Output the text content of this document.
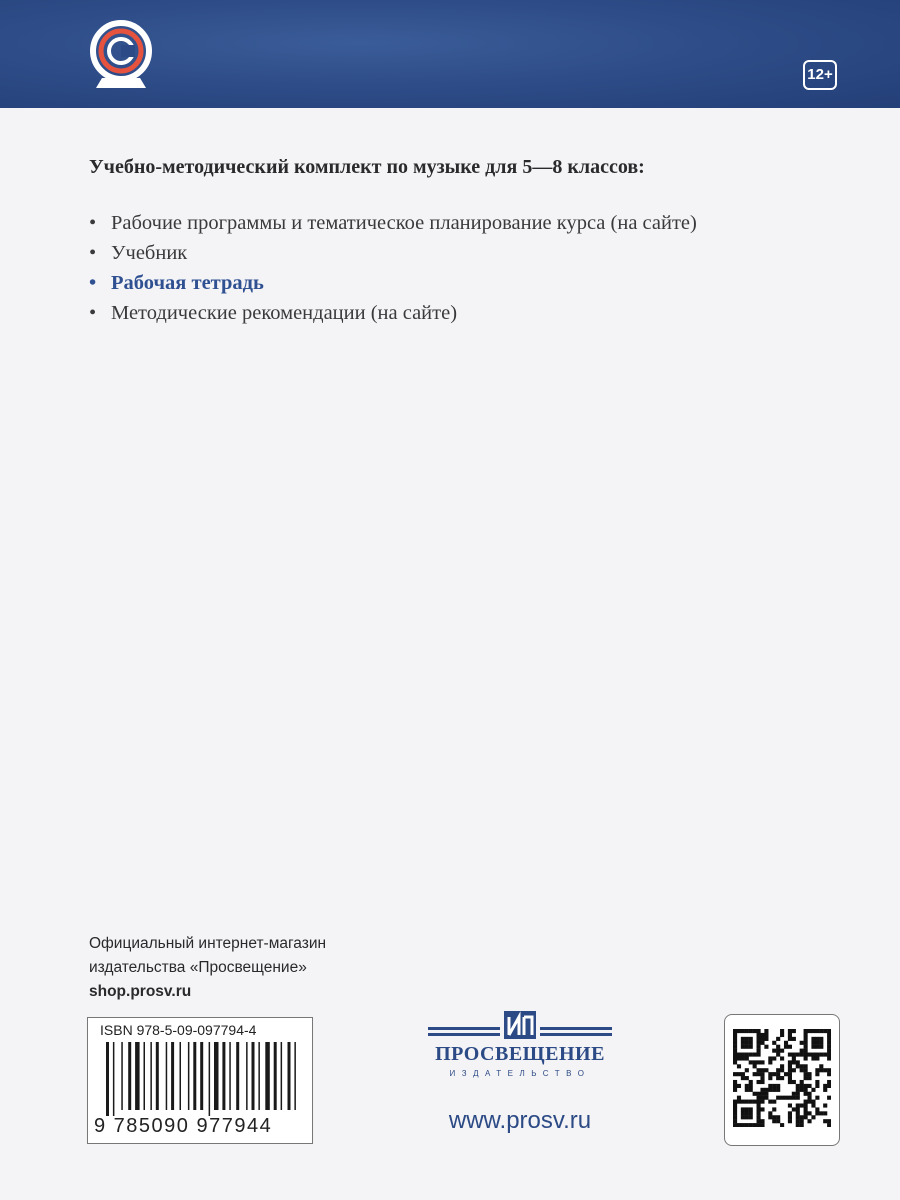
12+
Учебно-методический комплект по музыке для 5—8 классов:
• Рабочие программы и тематическое планирование курса (на сайте)
• Учебник
• Рабочая тетрадь
• Методические рекомендации (на сайте)
Официальный интернет-магазин
издательства «Просвещение»
shop.prosv.ru
ISBN 978-5-09-097794-4
9 785090 977944
ПРОСВЕЩЕНИЕ
ИЗДАТЕЛЬСТВО
www.prosv.ru
